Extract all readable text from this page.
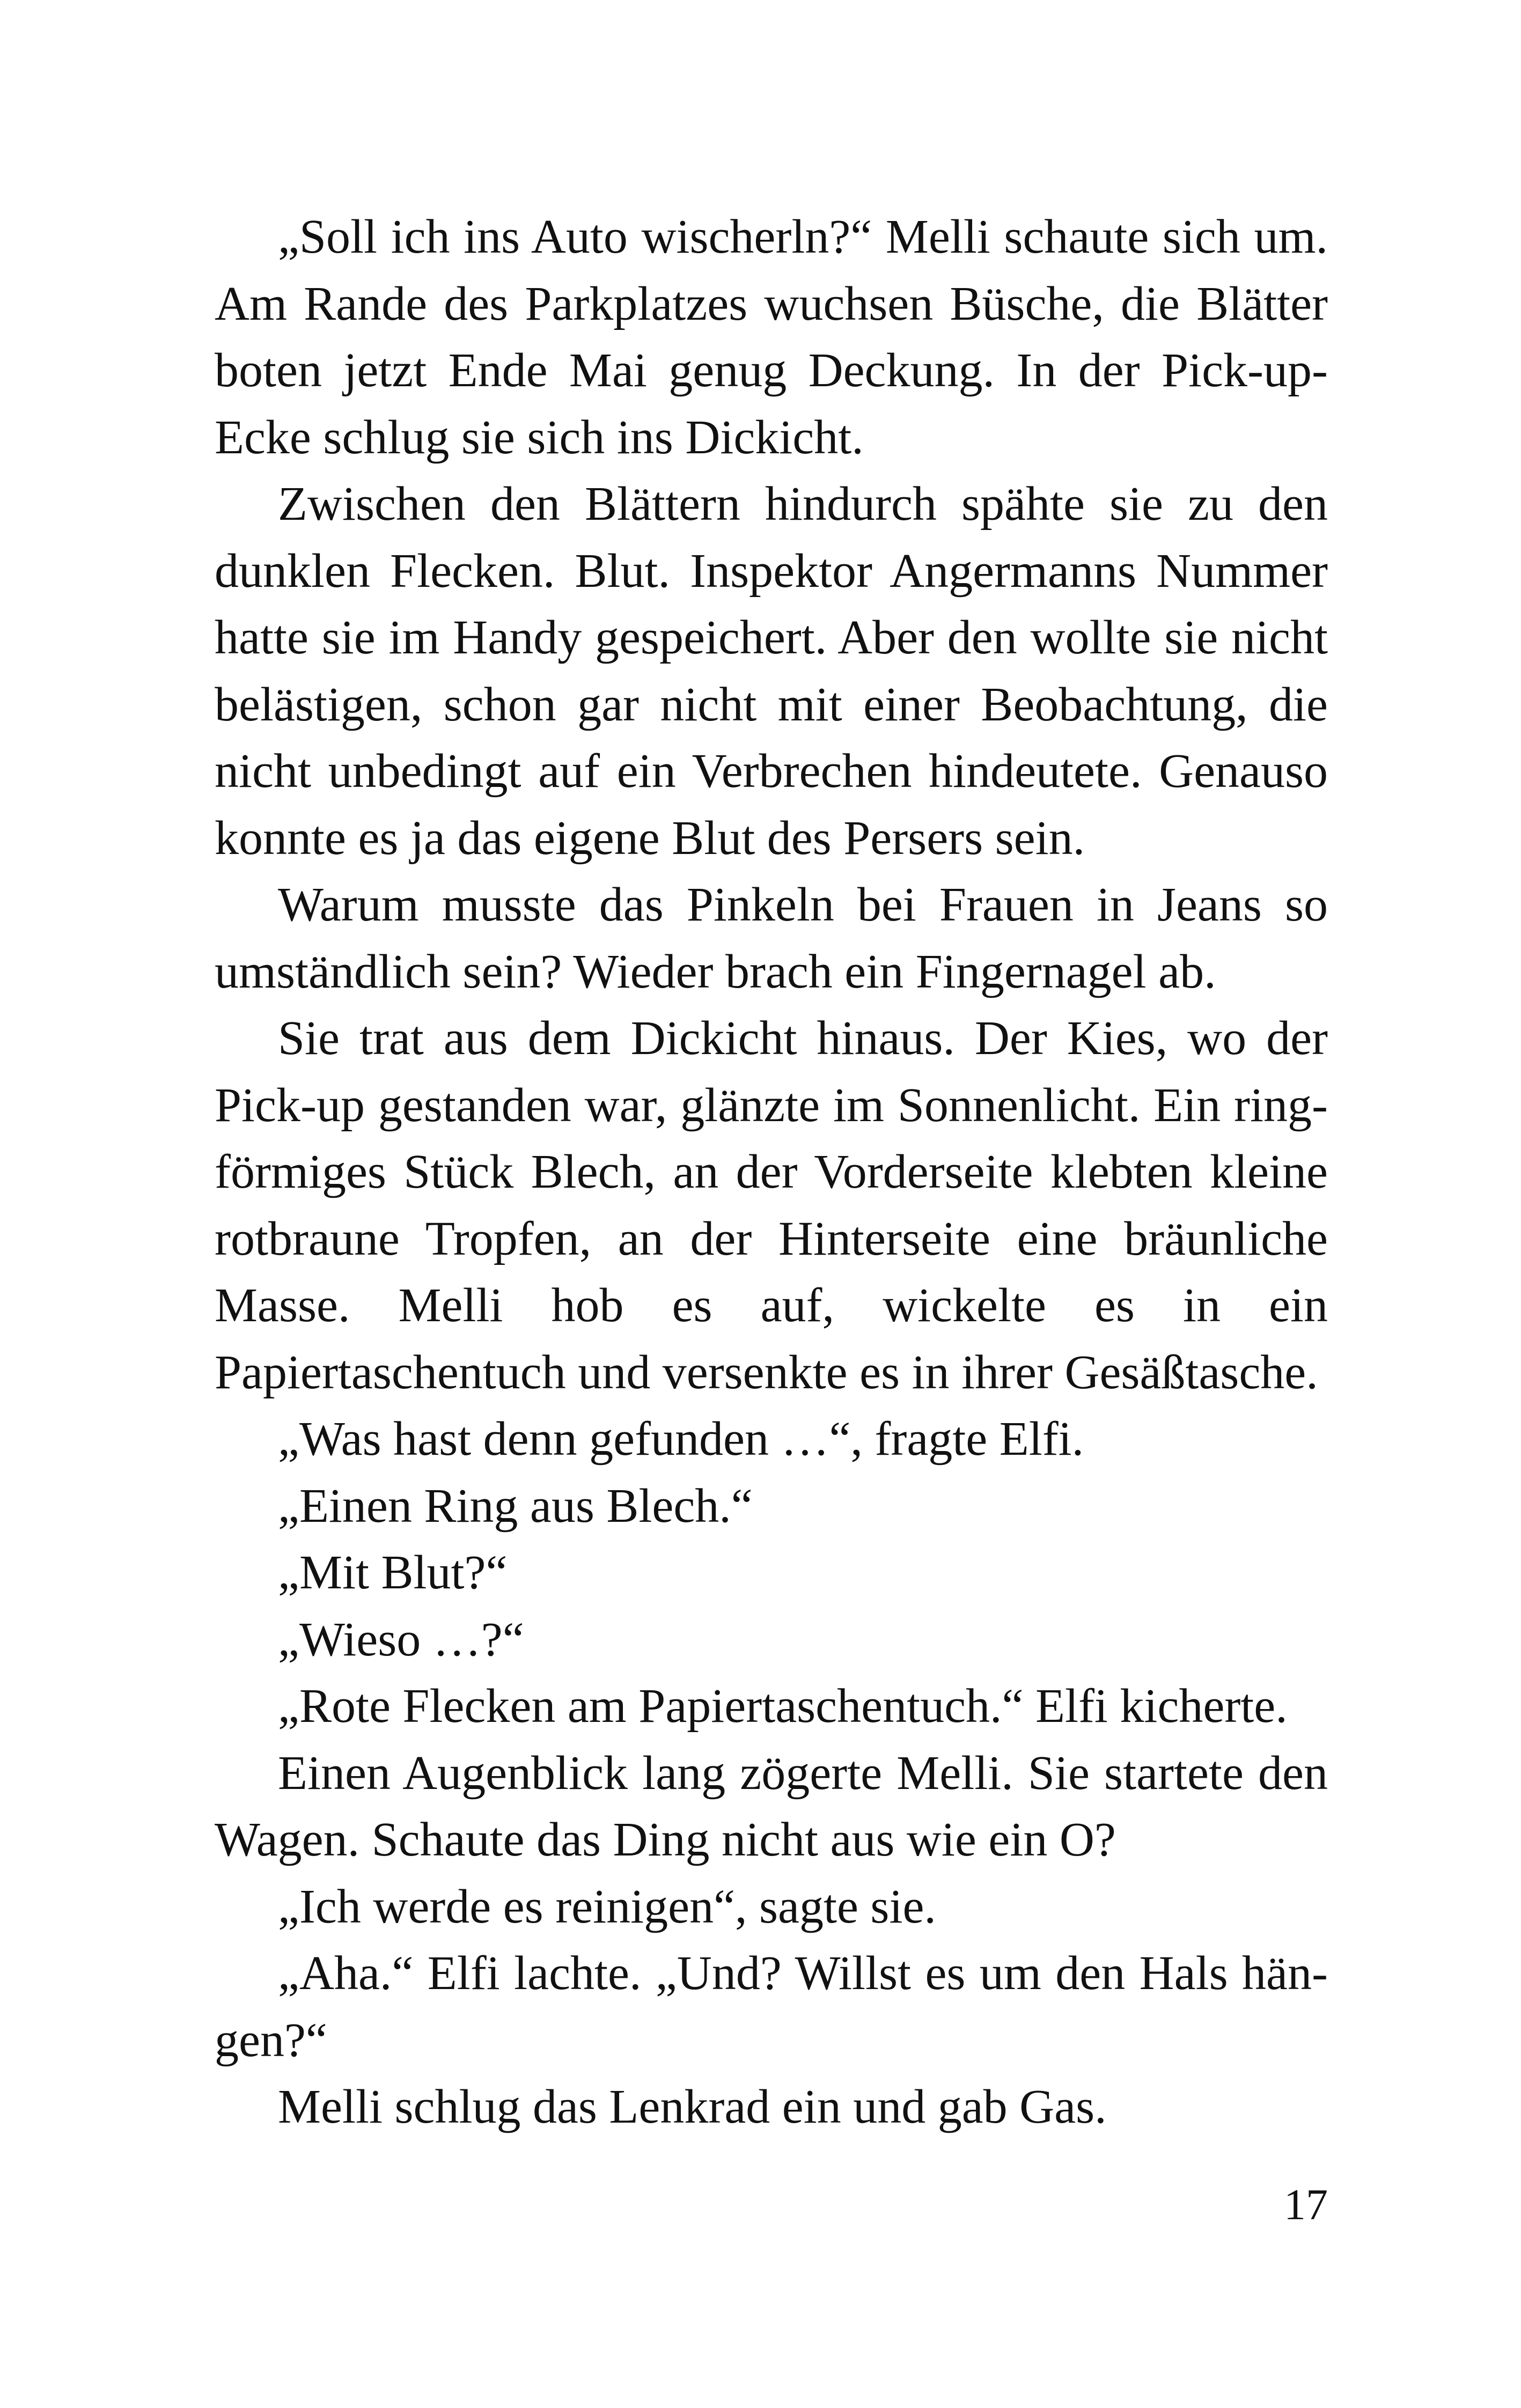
„Soll ich ins Auto wischerln?“ Melli schaute sich um. Am Rande des Parkplatzes wuchsen Büsche, die Blätter boten jetzt Ende Mai genug Deckung. In der Pick-up-Ecke schlug sie sich ins Dickicht.

Zwischen den Blättern hindurch spähte sie zu den dunklen Flecken. Blut. Inspektor Angermanns Nummer hatte sie im Handy gespeichert. Aber den wollte sie nicht belästigen, schon gar nicht mit einer Beobachtung, die nicht unbedingt auf ein Verbrechen hindeutete. Genauso konnte es ja das eigene Blut des Persers sein.

Warum musste das Pinkeln bei Frauen in Jeans so umständlich sein? Wieder brach ein Fingernagel ab.

Sie trat aus dem Dickicht hinaus. Der Kies, wo der Pick-up gestanden war, glänzte im Sonnenlicht. Ein ringförmiges Stück Blech, an der Vorderseite klebten kleine rotbraune Tropfen, an der Hinterseite eine bräunliche Masse. Melli hob es auf, wickelte es in ein Papiertaschentuch und versenkte es in ihrer Gesäßtasche.

„Was hast denn gefunden …“, fragte Elfi.

„Einen Ring aus Blech.“

„Mit Blut?“

„Wieso …?“

„Rote Flecken am Papiertaschentuch.“ Elfi kicherte.

Einen Augenblick lang zögerte Melli. Sie startete den Wagen. Schaute das Ding nicht aus wie ein O?

„Ich werde es reinigen“, sagte sie.

„Aha.“ Elfi lachte. „Und? Willst es um den Hals hängen?“

Melli schlug das Lenkrad ein und gab Gas.

17
